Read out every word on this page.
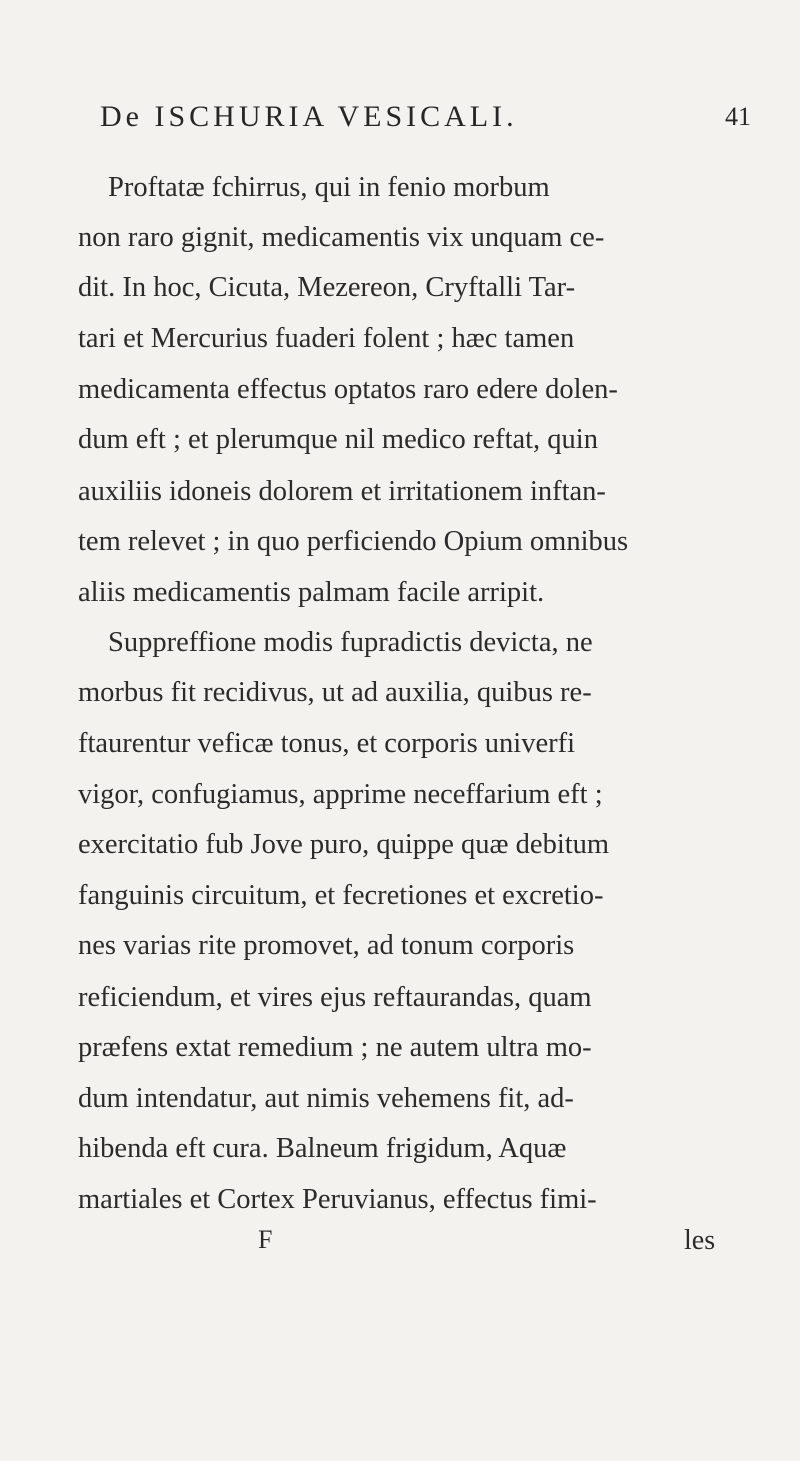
De ISCHURIA VESICALI.	41
Proftatæ fchirrus, qui in fenio morbum
non raro gignit, medicamentis vix unquam ce-
dit. In hoc, Cicuta, Mezereon, Cryftalli Tar-
tari et Mercurius fuaderi folent ; hæc tamen
medicamenta effectus optatos raro edere dolen-
dum eft ; et plerumque nil medico reftat, quin
auxiliis idoneis dolorem et irritationem inftan-
tem relevet ; in quo perficiendo Opium omnibus
aliis medicamentis palmam facile arripit.
Suppreffione modis fupradictis devicta, ne
morbus fit recidivus, ut ad auxilia, quibus re-
ftaurentur veficæ tonus, et corporis univerfi
vigor, confugiamus, apprime neceffarium eft ;
exercitatio fub Jove puro, quippe quæ debitum
fanguinis circuitum, et fecretiones et excretio-
nes varias rite promovet, ad tonum corporis
reficiendum, et vires ejus reftaurandas, quam
præfens extat remedium ; ne autem ultra mo-
dum intendatur, aut nimis vehemens fit, ad-
hibenda eft cura. Balneum frigidum, Aquæ
martiales et Cortex Peruvianus, effectus fimi-
F	les
